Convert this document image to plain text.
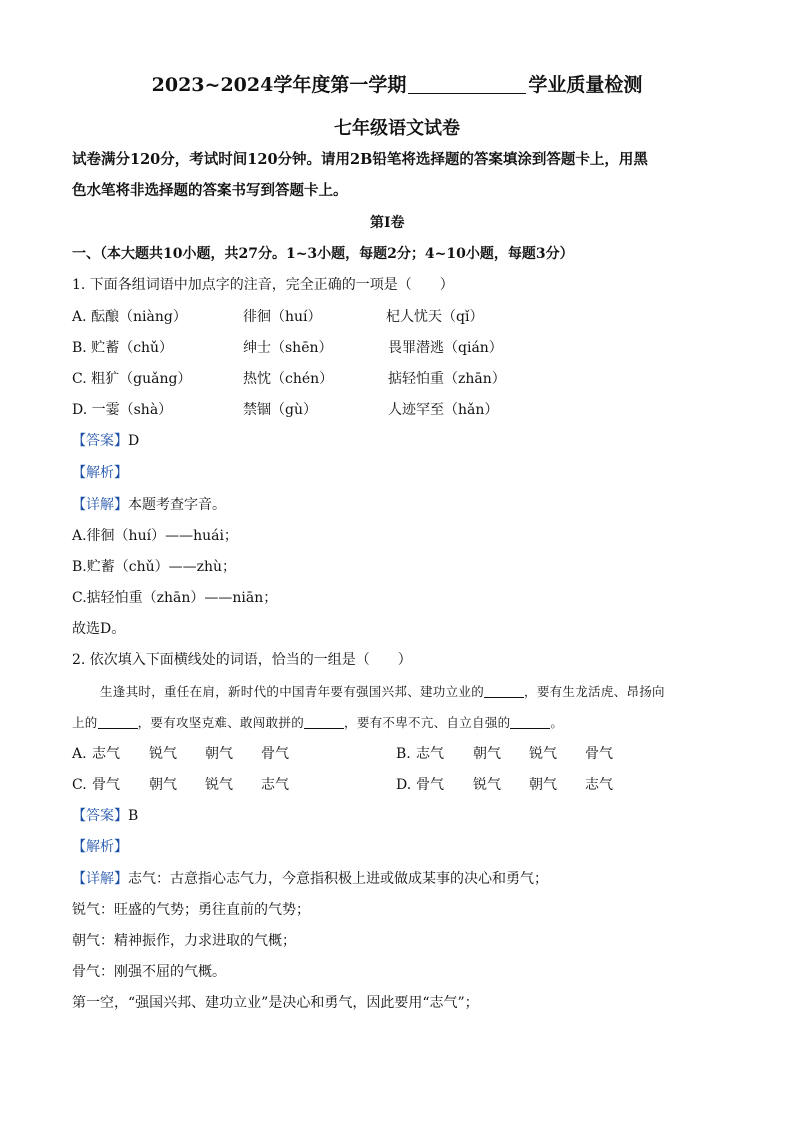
2023~2024学年度第一学期	学业质量检测
七年级语文试卷
试卷满分120分，考试时间120分钟。请用2B铅笔将选择题的答案填涂到答题卡上，用黑
色水笔将非选择题的答案书写到答题卡上。
第Ⅰ卷
一、（本大题共10小题，共27分。1~3小题，每题2分；4~10小题，每题3分）
1. 下面各组词语中加点字的注音，完全正确的一项是（　　）
A. 酝酿（niàng）	徘徊（huí）	杞人忧天（qǐ）
B. 贮蓄（chǔ）	绅士（shēn）	畏罪潜逃（qián）
C. 粗犷（guǎng）	热忱（chén）	掂轻怕重（zhān）
D. 一霎（shà）	禁锢（gù）	人迹罕至（hǎn）
【答案】D
【解析】
【详解】本题考查字音。
A.徘徊（huí）——huái；
B.贮蓄（chǔ）——zhù；
C.掂轻怕重（zhān）——niān；
故选D。
2. 依次填入下面横线处的词语，恰当的一组是（　　）
生逢其时，重任在肩，新时代的中国青年要有强国兴邦、建功立业的	，要有生龙活虎、昂扬向
上的	，要有攻坚克难、敢闯敢拼的	，要有不卑不亢、自立自强的	。
A. 志气 锐气 朝气 骨气	B. 志气 朝气 锐气 骨气
C. 骨气 朝气 锐气 志气	D. 骨气 锐气 朝气 志气
【答案】B
【解析】
【详解】志气：古意指心志气力，今意指积极上进或做成某事的决心和勇气；
锐气：旺盛的气势；勇往直前的气势；
朝气：精神振作，力求进取的气概；
骨气：刚强不屈的气概。
第一空，“强国兴邦、建功立业”是决心和勇气，因此要用“志气”；
